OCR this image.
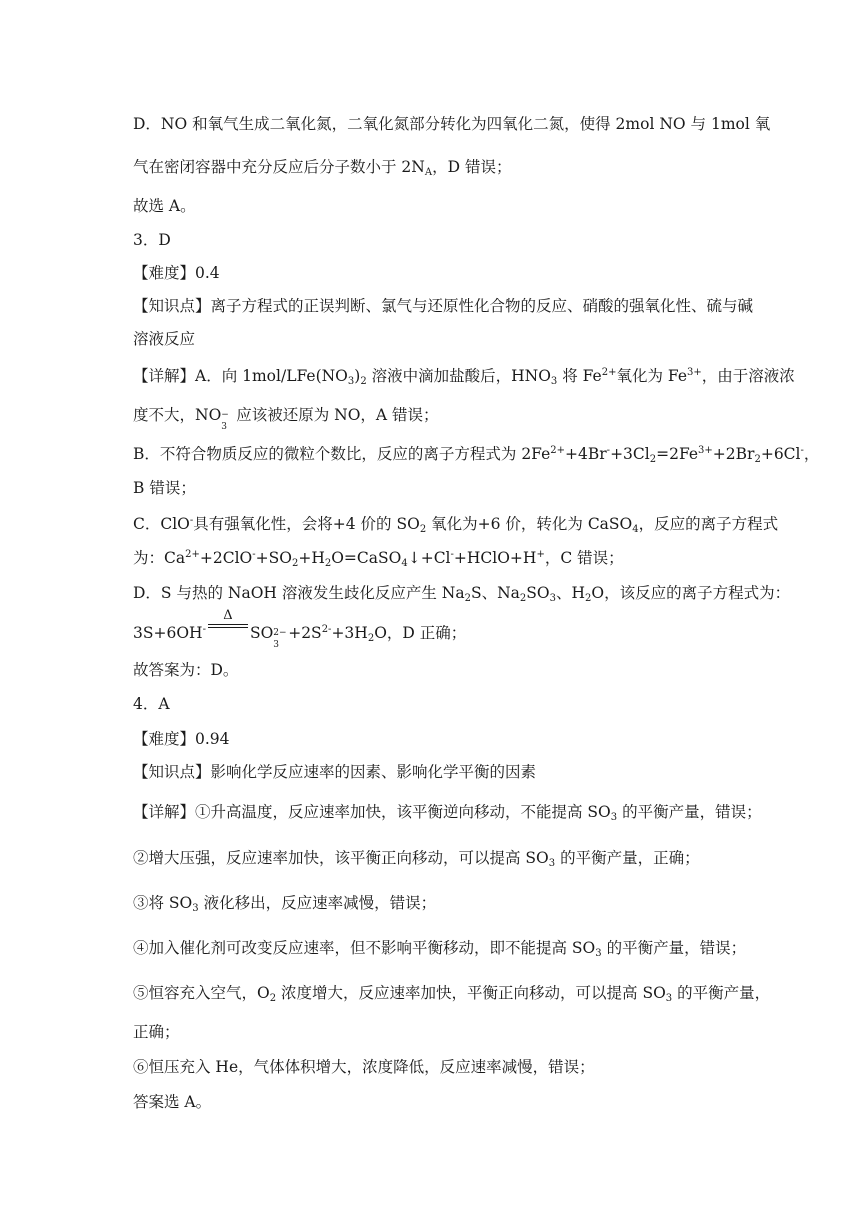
D．NO 和氧气生成二氧化氮，二氧化氮部分转化为四氧化二氮，使得 2mol NO 与 1mol 氧
气在密闭容器中充分反应后分子数小于 $2N_A$，D 错误；
故选 A。
3．D
【难度】0.4
【知识点】离子方程式的正误判断、氯气与还原性化合物的反应、硝酸的强氧化性、硫与碱
溶液反应
【详解】A．向 $1mol/LFe(NO_3)_2$ 溶液中滴加盐酸后，$HNO_3$ 将 $Fe^{2+}$氧化为 $Fe^{3+}$，由于溶液浓
度不大，NO −
3
应该被还原为 NO，A 错误；
B．不符合物质反应的微粒个数比，反应的离子方程式为 $2Fe^{2+}+4Br^-+3Cl_2=2Fe^{3+}+2Br_2+6Cl^-$，
B 错误；
C．ClO-具有强氧化性，会将+4 价的 $SO_2$ 氧化为+6 价，转化为 CaSO$_4$，反应的离子方程式
为：$Ca^{2+}+2ClO^-+SO_2+H_2O=CaSO_4↓+Cl^-+HClO+H^+$，C 错误；
D．S 与热的 NaOH 溶液发生歧化反应产生 $Na_2S$、$Na_2SO_3$、$H_2O$，该反应的离子方程式为：
3S+6OH-
Δ
SO 2−
3
$+2S^{2-}+3H_2O$，D 正确；
故答案为：D。
4．A
【难度】0.94
【知识点】影响化学反应速率的因素、影响化学平衡的因素
【详解】①升高温度，反应速率加快，该平衡逆向移动，不能提高 $SO_3$ 的平衡产量，错误；
②增大压强，反应速率加快，该平衡正向移动，可以提高 $SO_3$ 的平衡产量，正确；
③将 $SO_3$ 液化移出，反应速率减慢，错误；
④加入催化剂可改变反应速率，但不影响平衡移动，即不能提高 $SO_3$ 的平衡产量，错误；
⑤恒容充入空气，$O_2$ 浓度增大，反应速率加快，平衡正向移动，可以提高 $SO_3$ 的平衡产量，
正确；
⑥恒压充入 He，气体体积增大，浓度降低，反应速率减慢，错误；
答案选 A。
